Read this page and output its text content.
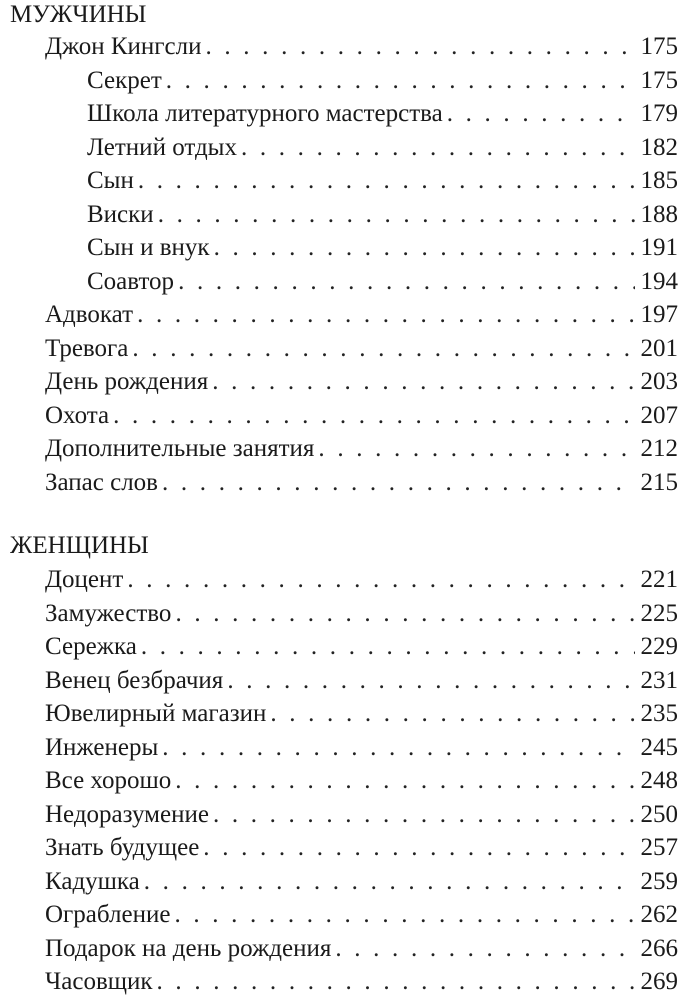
МУЖЧИНЫ
Джон Кингсли . . .	175
Секрет . . .	175
Школа литературного мастерства . . .	179
Летний отдых . . .	182
Сын . . .	185
Виски . . .	188
Сын и внук . . .	191
Соавтор . . .	194
Адвокат . . .	197
Тревога . . .	201
День рождения . . .	203
Охота . . .	207
Дополнительные занятия . . .	212
Запас слов . . .	215
ЖЕНЩИНЫ
Доцент . . .	221
Замужество . . .	225
Сережка . . .	229
Венец безбрачия . . .	231
Ювелирный магазин . . .	235
Инженеры . . .	245
Все хорошо . . .	248
Недоразумение . . .	250
Знать будущее . . .	257
Кадушка . . .	259
Ограбление . . .	262
Подарок на день рождения . . .	266
Часовщик . . .	269
